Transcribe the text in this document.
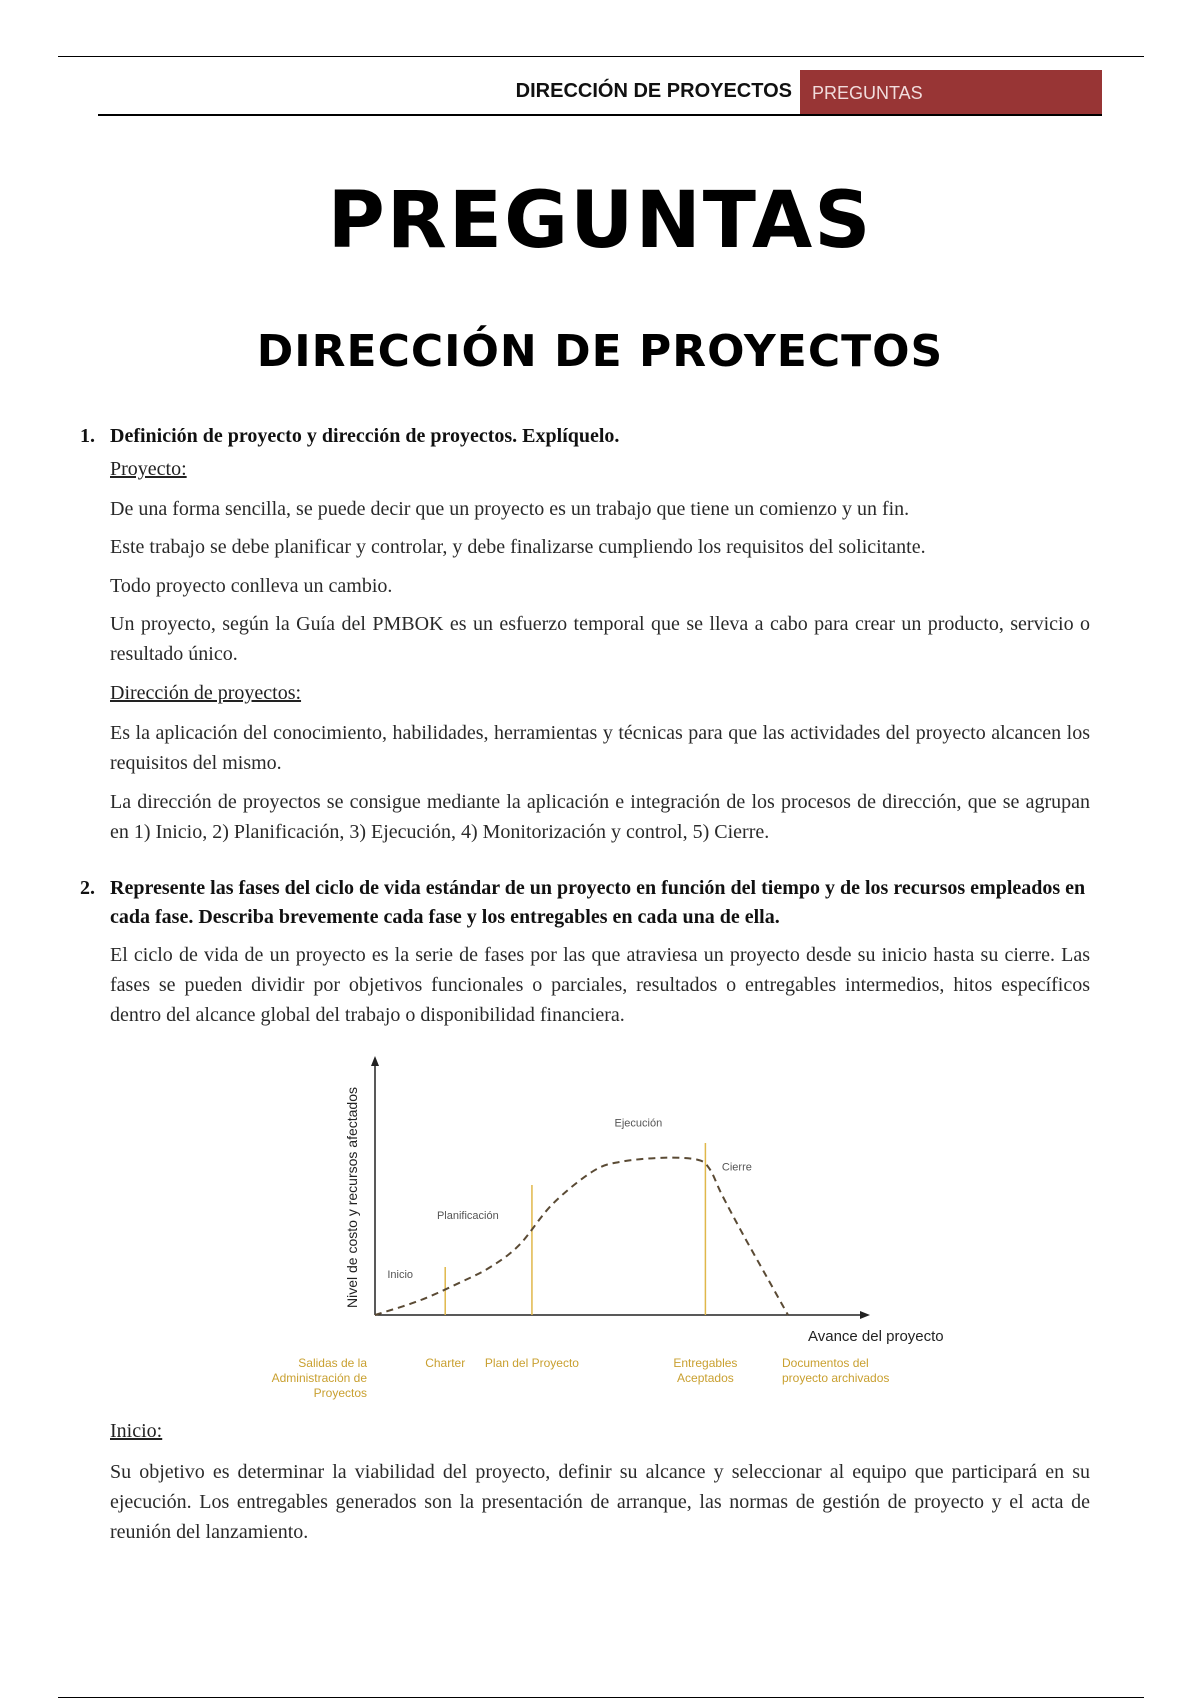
DIRECCIÓN DE PROYECTOS	PREGUNTAS
PREGUNTAS
DIRECCIÓN DE PROYECTOS
1. Definición de proyecto y dirección de proyectos. Explíquelo.
Proyecto:
De una forma sencilla, se puede decir que un proyecto es un trabajo que tiene un comienzo y un fin.
Este trabajo se debe planificar y controlar, y debe finalizarse cumpliendo los requisitos del solicitante.
Todo proyecto conlleva un cambio.
Un proyecto, según la Guía del PMBOK es un esfuerzo temporal que se lleva a cabo para crear un producto, servicio o resultado único.
Dirección de proyectos:
Es la aplicación del conocimiento, habilidades, herramientas y técnicas para que las actividades del proyecto alcancen los requisitos del mismo.
La dirección de proyectos se consigue mediante la aplicación e integración de los procesos de dirección, que se agrupan en 1) Inicio, 2) Planificación, 3) Ejecución, 4) Monitorización y control, 5) Cierre.
2. Represente las fases del ciclo de vida estándar de un proyecto en función del tiempo y de los recursos empleados en cada fase. Describa brevemente cada fase y los entregables en cada una de ella.
El ciclo de vida de un proyecto es la serie de fases por las que atraviesa un proyecto desde su inicio hasta su cierre. Las fases se pueden dividir por objetivos funcionales o parciales, resultados o entregables intermedios, hitos específicos dentro del alcance global del trabajo o disponibilidad financiera.
Nivel de costo y recursos afectados
Avance del proyecto
Salidas de la Administración de Proyectos
Charter Plan del Proyecto	Entregables Aceptados
Documentos del proyecto archivados
Inicio
Planificación
Ejecución
Cierre
Inicio:
Su objetivo es determinar la viabilidad del proyecto, definir su alcance y seleccionar al equipo que participará en su ejecución. Los entregables generados son la presentación de arranque, las normas de gestión de proyecto y el acta de reunión del lanzamiento.
